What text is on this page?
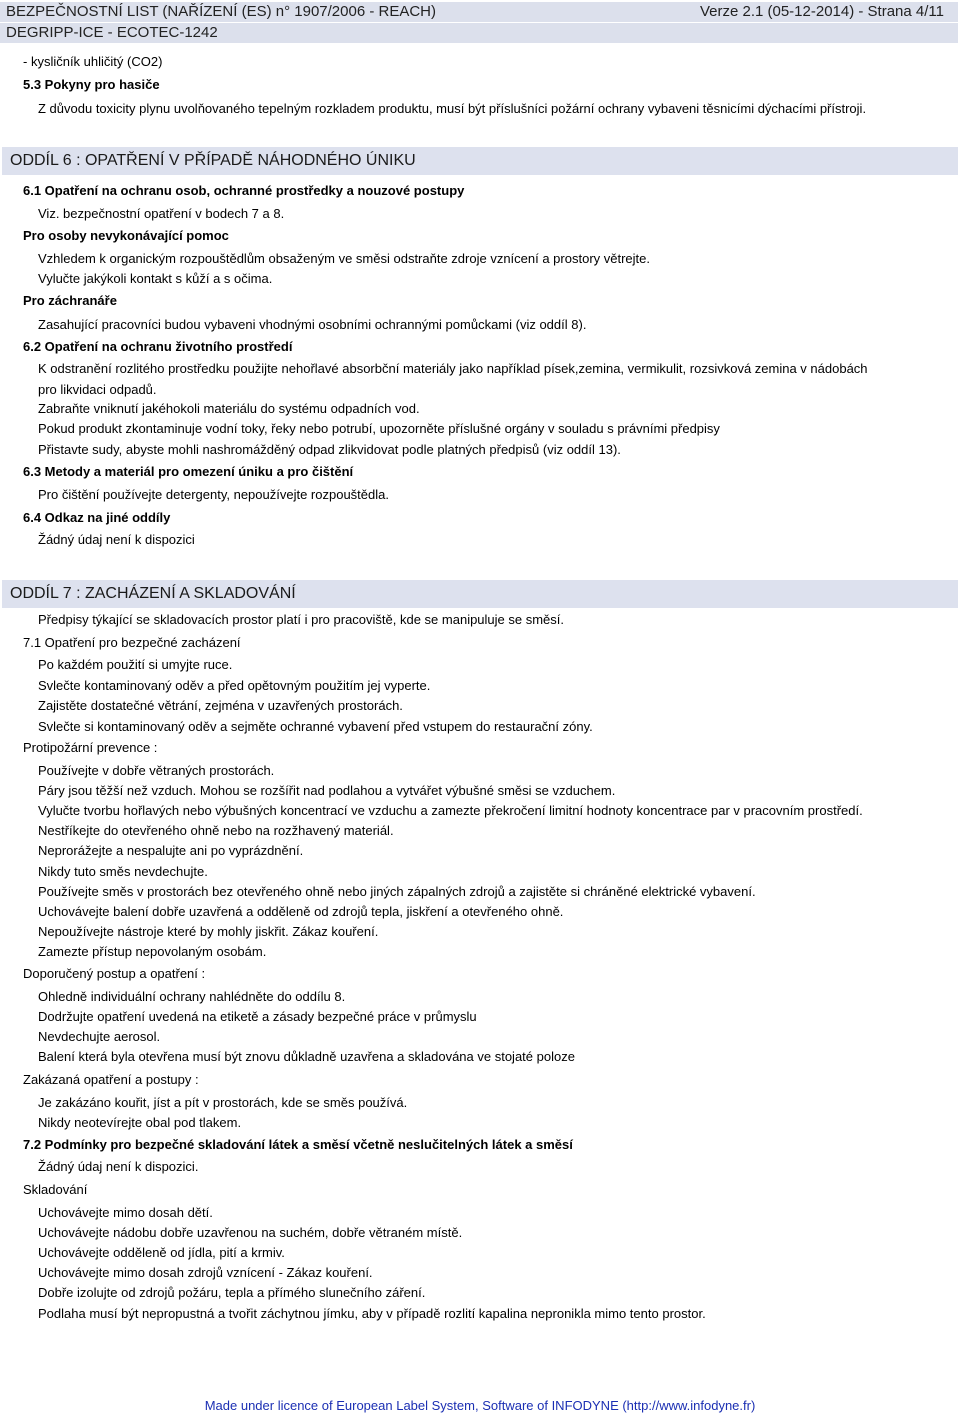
BEZPEČNOSTNÍ LIST (NAŘÍZENÍ (ES) n° 1907/2006 - REACH)	Verze 2.1 (05-12-2014) - Strana 4/11
DEGRIPP-ICE - ECOTEC-1242
- kysličník uhličitý (CO2)
5.3 Pokyny pro hasiče
Z důvodu toxicity plynu uvolňovaného tepelným rozkladem produktu, musí být příslušníci požární ochrany vybaveni těsnicími dýchacími přístroji.
ODDÍL 6 : OPATŘENÍ V PŘÍPADĚ NÁHODNÉHO ÚNIKU
6.1 Opatření na ochranu osob, ochranné prostředky a nouzové postupy
Viz. bezpečnostní opatření v bodech 7 a 8.
Pro osoby nevykonávající pomoc
Vzhledem k organickým rozpouštědlům obsaženým ve směsi odstraňte zdroje vznícení a prostory větrejte.
Vylučte jakýkoli kontakt s kůží a s očima.
Pro záchranáře
Zasahující pracovníci budou vybaveni vhodnými osobními ochrannými pomůckami (viz oddíl 8).
6.2 Opatření na ochranu životního prostředí
K odstranění rozlitého prostředku použijte nehořlavé absorbční materiály jako například písek,zemina, vermikulit, rozsivková zemina v nádobách
pro likvidaci odpadů.
Zabraňte vniknutí jakéhokoli materiálu do systému odpadních vod.
Pokud produkt zkontaminuje vodní toky, řeky nebo potrubí, upozorněte příslušné orgány v souladu s právními předpisy
Přistavte sudy, abyste mohli nashromážděný odpad zlikvidovat podle platných předpisů (viz oddíl 13).
6.3 Metody a materiál pro omezení úniku a pro čištění
Pro čištění používejte detergenty, nepoužívejte rozpouštědla.
6.4 Odkaz na jiné oddíly
Žádný údaj není k dispozici
ODDÍL 7 : ZACHÁZENÍ A SKLADOVÁNÍ
Předpisy týkající se skladovacích prostor platí i pro pracoviště, kde se manipuluje se směsí.
7.1 Opatření pro bezpečné zacházení
Po každém použití si umyjte ruce.
Svlečte kontaminovaný oděv a před opětovným použitím jej vyperte.
Zajistěte dostatečné větrání, zejména v uzavřených prostorách.
Svlečte si kontaminovaný oděv a sejměte ochranné vybavení před vstupem do restaurační zóny.
Protipožární prevence :
Používejte v dobře větraných prostorách.
Páry jsou těžší než vzduch. Mohou se rozšířit nad podlahou a vytvářet výbušné směsi se vzduchem.
Vylučte tvorbu hořlavých nebo výbušných koncentrací ve vzduchu a zamezte překročení limitní hodnoty koncentrace par v pracovním prostředí.
Nestříkejte do otevřeného ohně nebo na rozžhavený materiál.
Neprorážejte a nespalujte ani po vyprázdnění.
Nikdy tuto směs nevdechujte.
Používejte směs v prostorách bez otevřeného ohně nebo jiných zápalných zdrojů a zajistěte si chráněné elektrické vybavení.
Uchovávejte balení dobře uzavřená a odděleně od zdrojů tepla, jiskření a otevřeného ohně.
Nepoužívejte nástroje které by mohly jiskřit. Zákaz kouření.
Zamezte přístup nepovolaným osobám.
Doporučený postup a opatření :
Ohledně individuální ochrany nahlédněte do oddílu 8.
Dodržujte opatření uvedená na etiketě a zásady bezpečné práce v průmyslu
Nevdechujte aerosol.
Balení která byla otevřena musí být znovu důkladně uzavřena a skladována ve stojaté poloze
Zakázaná opatření a postupy :
Je zakázáno kouřit, jíst a pít v prostorách, kde se směs používá.
Nikdy neotevírejte obal pod tlakem.
7.2 Podmínky pro bezpečné skladování látek a směsí včetně neslučitelných látek a směsí
Žádný údaj není k dispozici.
Skladování
Uchovávejte mimo dosah dětí.
Uchovávejte nádobu dobře uzavřenou na suchém, dobře větraném místě.
Uchovávejte odděleně od jídla, pití a krmiv.
Uchovávejte mimo dosah zdrojů vznícení - Zákaz kouření.
Dobře izolujte od zdrojů požáru, tepla a přímého slunečního záření.
Podlaha musí být nepropustná a tvořit záchytnou jímku, aby v případě rozlití kapalina nepronikla mimo tento prostor.
Made under licence of European Label System, Software of INFODYNE (http://www.infodyne.fr)
